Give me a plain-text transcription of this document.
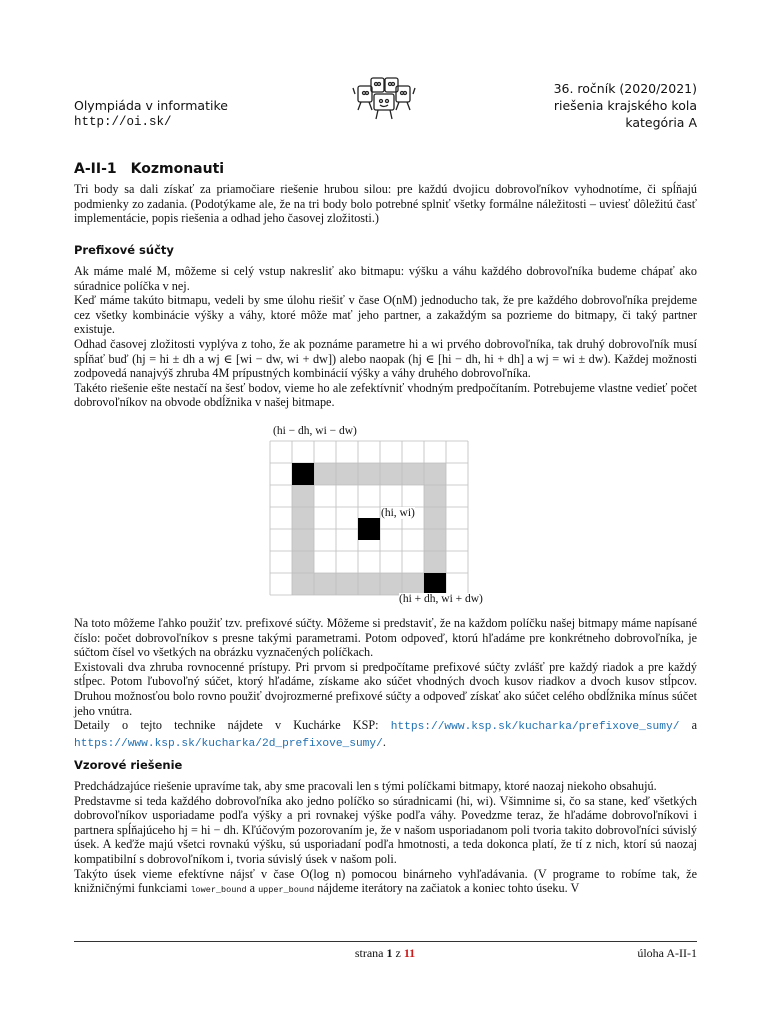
Olympiáda v informatike
http://oi.sk/
36. ročník (2020/2021)
riešenia krajského kola
kategória A
A-II-1 Kozmonauti

Tri body sa dali získať za priamočiare riešenie hrubou silou: pre každú dvojicu dobrovoľníkov vyhodnotíme, či spĺňajú podmienky zo zadania. (Podotýkame ale, že na tri body bolo potrebné splniť všetky formálne náležitosti – uviesť dôležitú časť implementácie, popis riešenia a odhad jeho časovej zložitosti.)

Prefixové súčty

Ak máme malé M, môžeme si celý vstup nakresliť ako bitmapu: výšku a váhu každého dobrovoľníka budeme chápať ako súradnice políčka v nej.

Keď máme takúto bitmapu, vedeli by sme úlohu riešiť v čase O(nM) jednoducho tak, že pre každého dobrovoľníka prejdeme cez všetky kombinácie výšky a váhy, ktoré môže mať jeho partner, a zakaždým sa pozrieme do bitmapy, či taký partner existuje.

Odhad časovej zložitosti vyplýva z toho, že ak poznáme parametre hi a wi prvého dobrovoľníka, tak druhý dobrovoľník musí spĺňať buď (hj = hi ± dh a wj ∈ [wi − dw, wi + dw]) alebo naopak (hj ∈ [hi − dh, hi + dh] a wj = wi ± dw). Každej možnosti zodpovedá nanajvýš zhruba 4M prípustných kombinácií výšky a váhy druhého dobrovoľníka.

Takéto riešenie ešte nestačí na šesť bodov, vieme ho ale zefektívniť vhodným predpočítaním. Potrebujeme vlastne vedieť počet dobrovoľníkov na obvode obdĺžnika v našej bitmape.

(hi − dh, wi − dw)
(hi, wi)
(hi + dh, wi + dw)

Na toto môžeme ľahko použiť tzv. prefixové súčty. Môžeme si predstaviť, že na každom políčku našej bitmapy máme napísané číslo: počet dobrovoľníkov s presne takými parametrami. Potom odpoveď, ktorú hľadáme pre konkrétneho dobrovoľníka, je súčtom čísel vo všetkých na obrázku vyznačených políčkach.

Existovali dva zhruba rovnocenné prístupy. Pri prvom si predpočítame prefixové súčty zvlášť pre každý riadok a pre každý stĺpec. Potom ľubovoľný súčet, ktorý hľadáme, získame ako súčet vhodných dvoch kusov riadkov a dvoch kusov stĺpcov. Druhou možnosťou bolo rovno použiť dvojrozmerné prefixové súčty a odpoveď získať ako súčet celého obdĺžnika mínus súčet jeho vnútra.

Detaily o tejto technike nájdete v Kuchárke KSP: https://www.ksp.sk/kucharka/prefixove_sumy/ a https://www.ksp.sk/kucharka/2d_prefixove_sumy/.

Vzorové riešenie

Predchádzajúce riešenie upravíme tak, aby sme pracovali len s tými políčkami bitmapy, ktoré naozaj niekoho obsahujú.

Predstavme si teda každého dobrovoľníka ako jedno políčko so súradnicami (hi, wi). Všimnime si, čo sa stane, keď všetkých dobrovoľníkov usporiadame podľa výšky a pri rovnakej výške podľa váhy. Povedzme teraz, že hľadáme dobrovoľníkovi i partnera spĺňajúceho hj = hi − dh. Kľúčovým pozorovaním je, že v našom usporiadanom poli tvoria takito dobrovoľníci súvislý úsek. A keďže majú všetci rovnakú výšku, sú usporiadaní podľa hmotnosti, a teda dokonca platí, že tí z nich, ktorí sú naozaj kompatibilní s dobrovoľníkom i, tvoria súvislý úsek v našom poli.

Takýto úsek vieme efektívne nájsť v čase O(log n) pomocou binárneho vyhľadávania. (V programe to robíme tak, že knižničnými funkciami lower_bound a upper_bound nájdeme iterátory na začiatok a koniec tohto úseku. V

strana 1 z 11	úloha A-II-1
